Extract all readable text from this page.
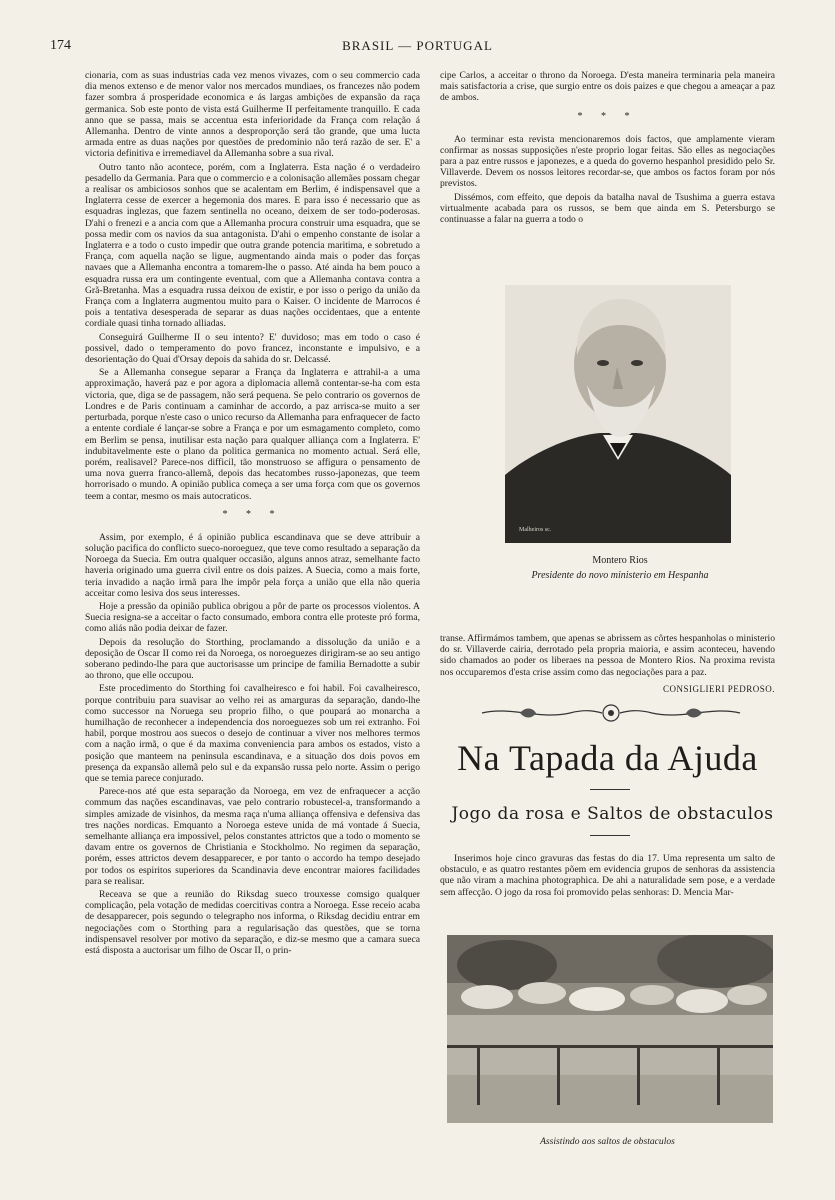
174	BRASIL — PORTUGAL

cionaria, com as suas industrias cada vez menos vivazes, com o seu commercio cada dia menos extenso e de menor valor nos mercados mundiaes, os francezes não podem fazer sombra á prosperidade economica e ás largas ambições de expansão da raça germanica. Sob este ponto de vista está Guilherme II perfeitamente tranquillo. E cada anno que se passa, mais se accentua esta inferioridade da França com relação á Allemanha. Dentro de vinte annos a desproporção será tão grande, que uma lucta armada entre as duas nações por questões de predominio não terá razão de ser. E' a victoria definitiva e irremediavel da Allemanha sobre a sua rival.

Outro tanto não acontece, porém, com a Inglaterra. Esta nação é o verdadeiro pesadello da Germania. Para que o commercio e a colonisação allemães possam chegar a realisar os ambiciosos sonhos que se acalentam em Berlim, é indispensavel que a Inglaterra cesse de exercer a hegemonia dos mares. E para isso é necessario que as esquadras inglezas, que fazem sentinella no oceano, deixem de ser todo-poderosas. D'ahi o frenezi e a ancia com que a Allemanha procura construir uma esquadra, que se possa medir com os navios da sua antagonista. D'ahi o empenho constante de isolar a Inglaterra e a todo o custo impedir que outra grande potencia maritima, e sobretudo a França, com aquella nação se ligue, augmentando ainda mais o poder das forças navaes que a Allemanha encontra a tomarem-lhe o passo. Até ainda ha bem pouco a esquadra russa era um contingente eventual, com que a Allemanha contava contra a Grã-Bretanha. Mas a esquadra russa deixou de existir, e por isso o perigo da união da França com a Inglaterra augmentou muito para o Kaiser. O incidente de Marrocos é pois a tentativa desesperada de separar as duas nações occidentaes, que a entente cordiale quasi tinha tornado alliadas.

Conseguirá Guilherme II o seu intento? E' duvidoso; mas em todo o caso é possivel, dado o temperamento do povo francez, inconstante e impulsivo, e a desorientação do Quai d'Orsay depois da sahida do sr. Delcassé.

Se a Allemanha consegue separar a França da Inglaterra e attrahil-a a uma approximação, haverá paz e por agora a diplomacia allemã contentar-se-ha com esta victoria, que, diga se de passagem, não será pequena. Se pelo contrario os governos de Londres e de Paris continuam a caminhar de accordo, a paz arrisca-se muito a ser perturbada, porque n'este caso o unico recurso da Allemanha para enfraquecer de facto a entente cordiale é lançar-se sobre a França e por um esmagamento completo, como em Berlim se pensa, inutilisar esta nação para qualquer alliança com a Inglaterra. E' indubitavelmente este o plano da politica germanica no momento actual. Será elle, porém, realisavel? Parece-nos difficil, tão monstruoso se affigura o pensamento de uma nova guerra franco-allemã, depois das hecatombes russo-japonezas, que teem horrorisado o mundo. A opinião publica começa a ser uma força com que os governos teem a contar, mesmo os mais autocraticos.

* * *

Assim, por exemplo, é á opinião publica escandinava que se deve attribuir a solução pacifica do conflicto sueco-noroeguez, que teve como resultado a separação da Noroega da Suecia. Em outra qualquer occasião, alguns annos atraz, semelhante facto haveria originado uma guerra civil entre os dois paizes. A Suecia, como a mais forte, teria invadido a nação irmã para lhe impôr pela força a união que ella não queria acceitar como lesiva dos seus interesses.

Hoje a pressão da opinião publica obrigou a pôr de parte os processos violentos. A Suecia resigna-se a acceitar o facto consumado, embora contra elle proteste pró forma, como aliás não podia deixar de fazer.

Depois da resolução do Storthing, proclamando a dissolução da união e a deposição de Oscar II como rei da Noroega, os noroeguezes dirigiram-se ao seu antigo soberano pedindo-lhe para que auctorisasse um principe de familia Bernadotte a subir ao throno, que elle occupou.

Este procedimento do Storthing foi cavalheiresco e foi habil. Foi cavalheiresco, porque contribuiu para suavisar ao velho rei as amarguras da separação, dando-lhe como successor na Noruega seu proprio filho, o que poupará ao monarcha a humilhação de reconhecer a independencia dos noroeguezes sob um rei extranho. Foi habil, porque mostrou aos suecos o desejo de continuar a viver nos melhores termos com a nação irmã, o que é da maxima conveniencia para ambos os estados, visto a posição que manteem na peninsula escandinava, e a situação dos dois povos em presença da expansão allemã pelo sul e da expansão russa pelo norte. Assim o perigo que se temia parece conjurado.

Parece-nos até que esta separação da Noroega, em vez de enfraquecer a acção commum das nações escandinavas, vae pelo contrario robustecel-a, transformando a simples amizade de visinhos, da mesma raça n'uma alliança offensiva e defensiva das tres nações nordicas. Emquanto a Noroega esteve unida de má vontade á Suecia, semelhante alliança era impossivel, pelos constantes attrictos que a todo o momento se davam entre os governos de Christiania e Stockholmo. No regimen da separação, porém, esses attrictos devem desapparecer, e por tanto o accordo ha tempo desejado por todos os espiritos superiores da Scandinavia deve encontrar maiores facilidades para se realisar.

Receava se que a reunião do Riksdag sueco trouxesse comsigo qualquer complicação, pela votação de medidas coercitivas contra a Noroega. Esse receio acaba de desapparecer, pois segundo o telegrapho nos informa, o Riksdag decidiu entrar em negociações com o Storthing para a regularisação das questões, que se torna indispensavel resolver por motivo da separação, e diz-se mesmo que a camara sueca está disposta a auctorisar um filho de Oscar II, o prin-

cipe Carlos, a acceitar o throno da Noroega. D'esta maneira terminaria pela maneira mais satisfactoria a crise, que surgio entre os dois paizes e que chegou a ameaçar a paz de ambos.

* * *

Ao terminar esta revista mencionaremos dois factos, que amplamente vieram confirmar as nossas supposições n'este proprio logar feitas. São elles as negociações para a paz entre russos e japonezes, e a queda do governo hespanhol presidido pelo Sr. Villaverde. Devem os nossos leitores recordar-se, que ambos os factos foram por nós previstos.

Dissémos, com effeito, que depois da batalha naval de Tsushima a guerra estava virtualmente acabada para os russos, se bem que ainda em S. Petersburgo se continuasse a falar na guerra a todo o

Malheiros sc.
Montero Rios
Presidente do novo ministerio em Hespanha

transe. Affirmámos tambem, que apenas se abrissem as côrtes hespanholas o ministerio do sr. Villaverde cairia, derrotado pela propria maioria, e assim aconteceu, havendo sido chamados ao poder os liberaes na pessoa de Montero Rios. Na proxima revista nos occuparemos d'esta crise assim como das negociações para a paz.

CONSIGLIERI PEDROSO.
Na Tapada da Ajuda
Jogo da rosa e Saltos de obstaculos

Inserimos hoje cinco gravuras das festas do dia 17. Uma representa um salto de obstaculo, e as quatro restantes põem em evidencia grupos de senhoras da assistencia que não viram a machina photographica. De ahi a naturalidade sem pose, e a verdade sem affecção. O jogo da rosa foi promovido pelas senhoras: D. Mencia Mar-

Assistindo aos saltos de obstaculos
